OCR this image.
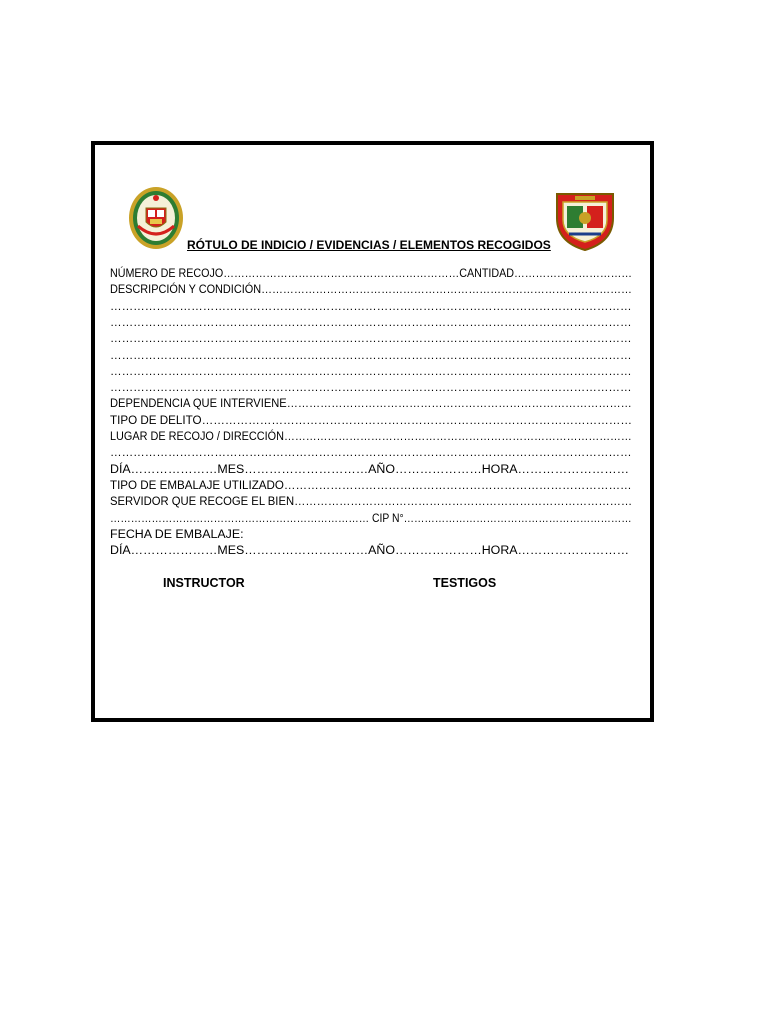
RÓTULO DE INDICIO / EVIDENCIAS / ELEMENTOS RECOGIDOS
NÚMERO DE RECOJO…………………………………………………………CANTIDAD……………………………
DESCRIPCIÓN Y CONDICIÓN…………………………………………………………………………………………
………………………………………………………………………………………………………………………
………………………………………………………………………………………………………………………
………………………………………………………………………………………………………………………
………………………………………………………………………………………………………………………
………………………………………………………………………………………………………………………
………………………………………………………………………………………………………………………
DEPENDENCIA QUE INTERVIENE…………………………………………………………………………………
TIPO DE DELITO…………………………………………………………………………………………………
LUGAR DE RECOJO / DIRECCIÓN……………………………………………………………………………………
………………………………………………………………………………………………………………………
DÍA…………………MES…………………………AÑO…………………HORA………………………
TIPO DE EMBALAJE UTILIZADO………………………………………………………………………………
SERVIDOR QUE RECOGE EL BIEN………………………………………………………………………………
………………………………………………………………… CIP N°…………………………………………………………
FECHA DE EMBALAJE:
DÍA…………………MES…………………………AÑO…………………HORA………………………
INSTRUCTOR	TESTIGOS
